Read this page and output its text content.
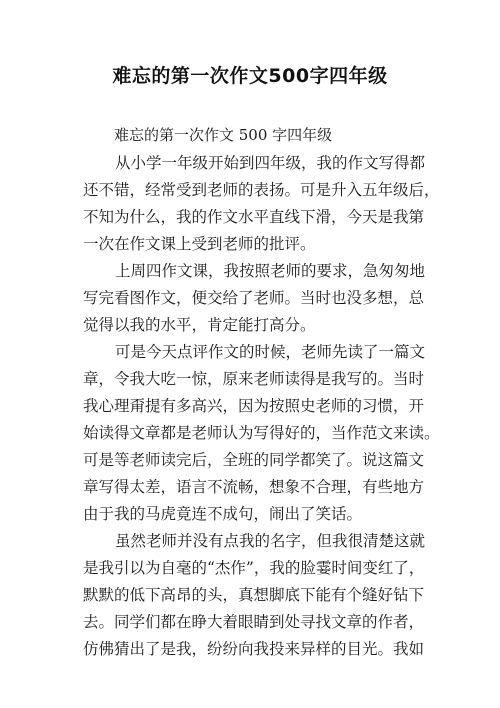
难忘的第一次作文500字四年级
难忘的第一次作文 500 字四年级
从小学一年级开始到四年级，我的作文写得都
还不错，经常受到老师的表扬。可是升入五年级后，
不知为什么，我的作文水平直线下滑，今天是我第
一次在作文课上受到老师的批评。
上周四作文课，我按照老师的要求，急匆匆地
写完看图作文，便交给了老师。当时也没多想，总
觉得以我的水平，肯定能打高分。
可是今天点评作文的时候，老师先读了一篇文
章，令我大吃一惊，原来老师读得是我写的。当时
我心理甭提有多高兴，因为按照史老师的习惯，开
始读得文章都是老师认为写得好的，当作范文来读。
可是等老师读完后，全班的同学都笑了。说这篇文
章写得太差，语言不流畅，想象不合理，有些地方
由于我的马虎竟连不成句，闹出了笑话。
虽然老师并没有点我的名字，但我很清楚这就
是我引以为自毫的“杰作”，我的脸霎时间变红了，
默默的低下高昂的头，真想脚底下能有个缝好钻下
去。同学们都在睁大着眼睛到处寻找文章的作者，
仿佛猜出了是我，纷纷向我投来异样的目光。我如
